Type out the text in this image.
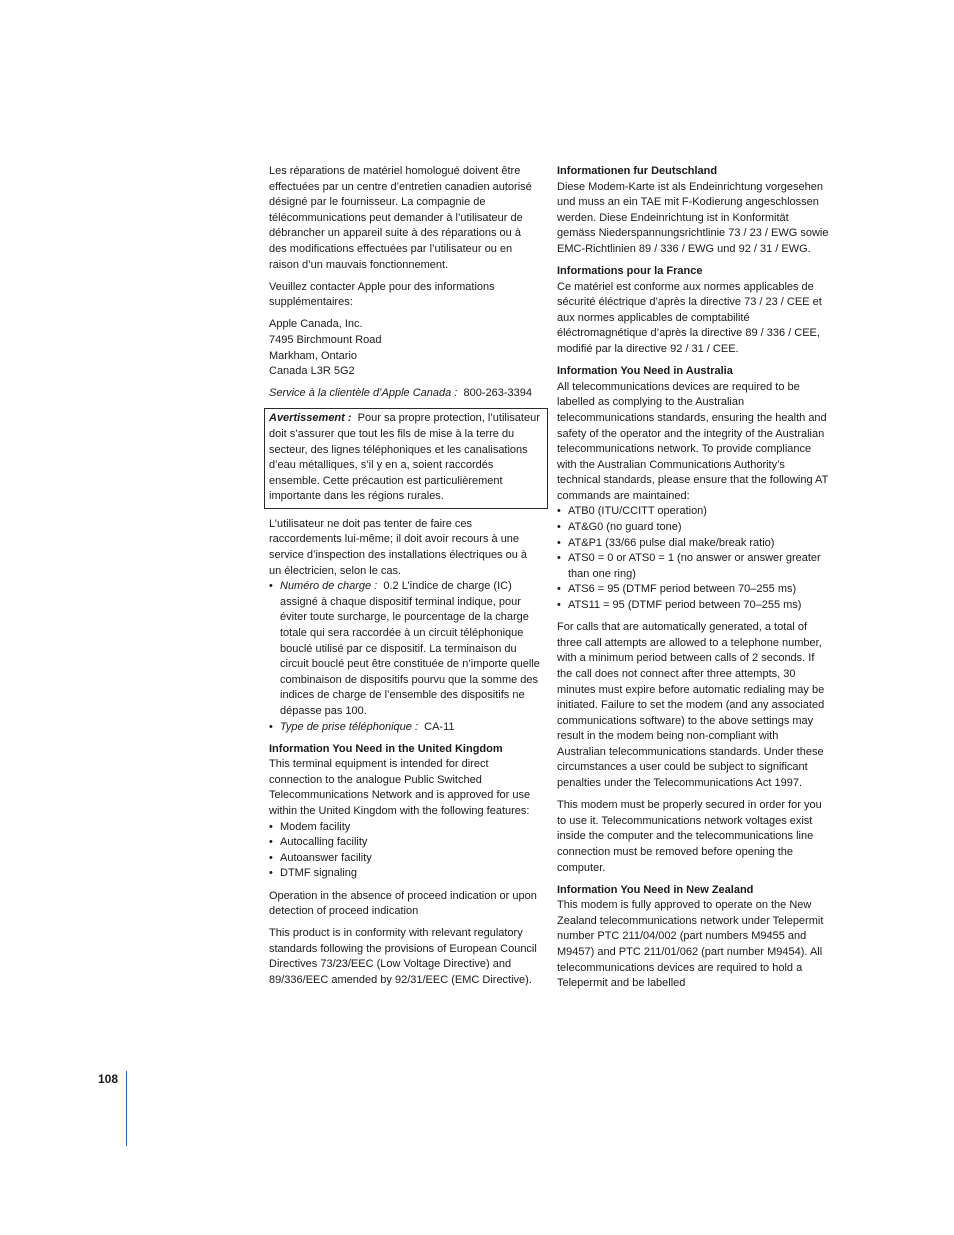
Les réparations de matériel homologué doivent être effectuées par un centre d’entretien canadien autorisé désigné par le fournisseur. La compagnie de télécommunications peut demander à l’utilisateur de débrancher un appareil suite à des réparations ou à des modifications effectuées par l’utilisateur ou en raison d’un mauvais fonctionnement.

Veuillez contacter Apple pour des informations supplémentaires:

Apple Canada, Inc.
7495 Birchmount Road
Markham, Ontario
Canada L3R 5G2

Service à la clientèle d’Apple Canada : 800-263-3394

Avertissement : Pour sa propre protection, l’utilisateur doit s’assurer que tout les fils de mise à la terre du secteur, des lignes téléphoniques et les canalisations d’eau métalliques, s’il y en a, soient raccordés ensemble. Cette précaution est particulièrement importante dans les régions rurales.

L’utilisateur ne doit pas tenter de faire ces raccordements lui-même; il doit avoir recours à une service d’inspection des installations électriques ou à un électricien, selon le cas.

• Numéro de charge : 0.2 L’indice de charge (IC) assigné à chaque dispositif terminal indique, pour éviter toute surcharge, le pourcentage de la charge totale qui sera raccordée à un circuit téléphonique bouclé utilisé par ce dispositif. La terminaison du circuit bouclé peut être constituée de n’importe quelle combinaison de dispositifs pourvu que la somme des indices de charge de l’ensemble des dispositifs ne dépasse pas 100.
• Type de prise téléphonique : CA-11

Information You Need in the United Kingdom

This terminal equipment is intended for direct connection to the analogue Public Switched Telecommunications Network and is approved for use within the United Kingdom with the following features:

• Modem facility
• Autocalling facility
• Autoanswer facility
• DTMF signaling

Operation in the absence of proceed indication or upon detection of proceed indication

This product is in conformity with relevant regulatory standards following the provisions of European Council Directives 73/23/EEC (Low Voltage Directive) and 89/336/EEC amended by 92/31/EEC (EMC Directive).

Informationen fur Deutschland

Diese Modem-Karte ist als Endeinrichtung vorgesehen und muss an ein TAE mit F-Kodierung angeschlossen werden. Diese Endeinrichtung ist in Konformität gemäss Niederspannungsrichtlinie 73 / 23 / EWG sowie EMC-Richtlinien 89 / 336 / EWG und 92 / 31 / EWG.

Informations pour la France

Ce matériel est conforme aux normes applicables de sécurité éléctrique d’après la directive 73 / 23 / CEE et aux normes applicables de comptabilité éléctromagnétique d’après la directive 89 / 336 / CEE, modifié par la directive 92 / 31 / CEE.

Information You Need in Australia

All telecommunications devices are required to be labelled as complying to the Australian telecommunications standards, ensuring the health and safety of the operator and the integrity of the Australian telecommunications network. To provide compliance with the Australian Communications Authority’s technical standards, please ensure that the following AT commands are maintained:

• ATB0 (ITU/CCITT operation)
• AT&G0 (no guard tone)
• AT&P1 (33/66 pulse dial make/break ratio)
• ATS0 = 0 or ATS0 = 1 (no answer or answer greater than one ring)
• ATS6 = 95 (DTMF period between 70–255 ms)
• ATS11 = 95 (DTMF period between 70–255 ms)

For calls that are automatically generated, a total of three call attempts are allowed to a telephone number, with a minimum period between calls of 2 seconds. If the call does not connect after three attempts, 30 minutes must expire before automatic redialing may be initiated. Failure to set the modem (and any associated communications software) to the above settings may result in the modem being non-compliant with Australian telecommunications standards. Under these circumstances a user could be subject to significant penalties under the Telecommunications Act 1997.

This modem must be properly secured in order for you to use it. Telecommunications network voltages exist inside the computer and the telecommunications line connection must be removed before opening the computer.

Information You Need in New Zealand

This modem is fully approved to operate on the New Zealand telecommunications network under Telepermit number PTC 211/04/002 (part numbers M9455 and M9457) and PTC 211/01/062 (part number M9454). All telecommunications devices are required to hold a Telepermit and be labelled

108
